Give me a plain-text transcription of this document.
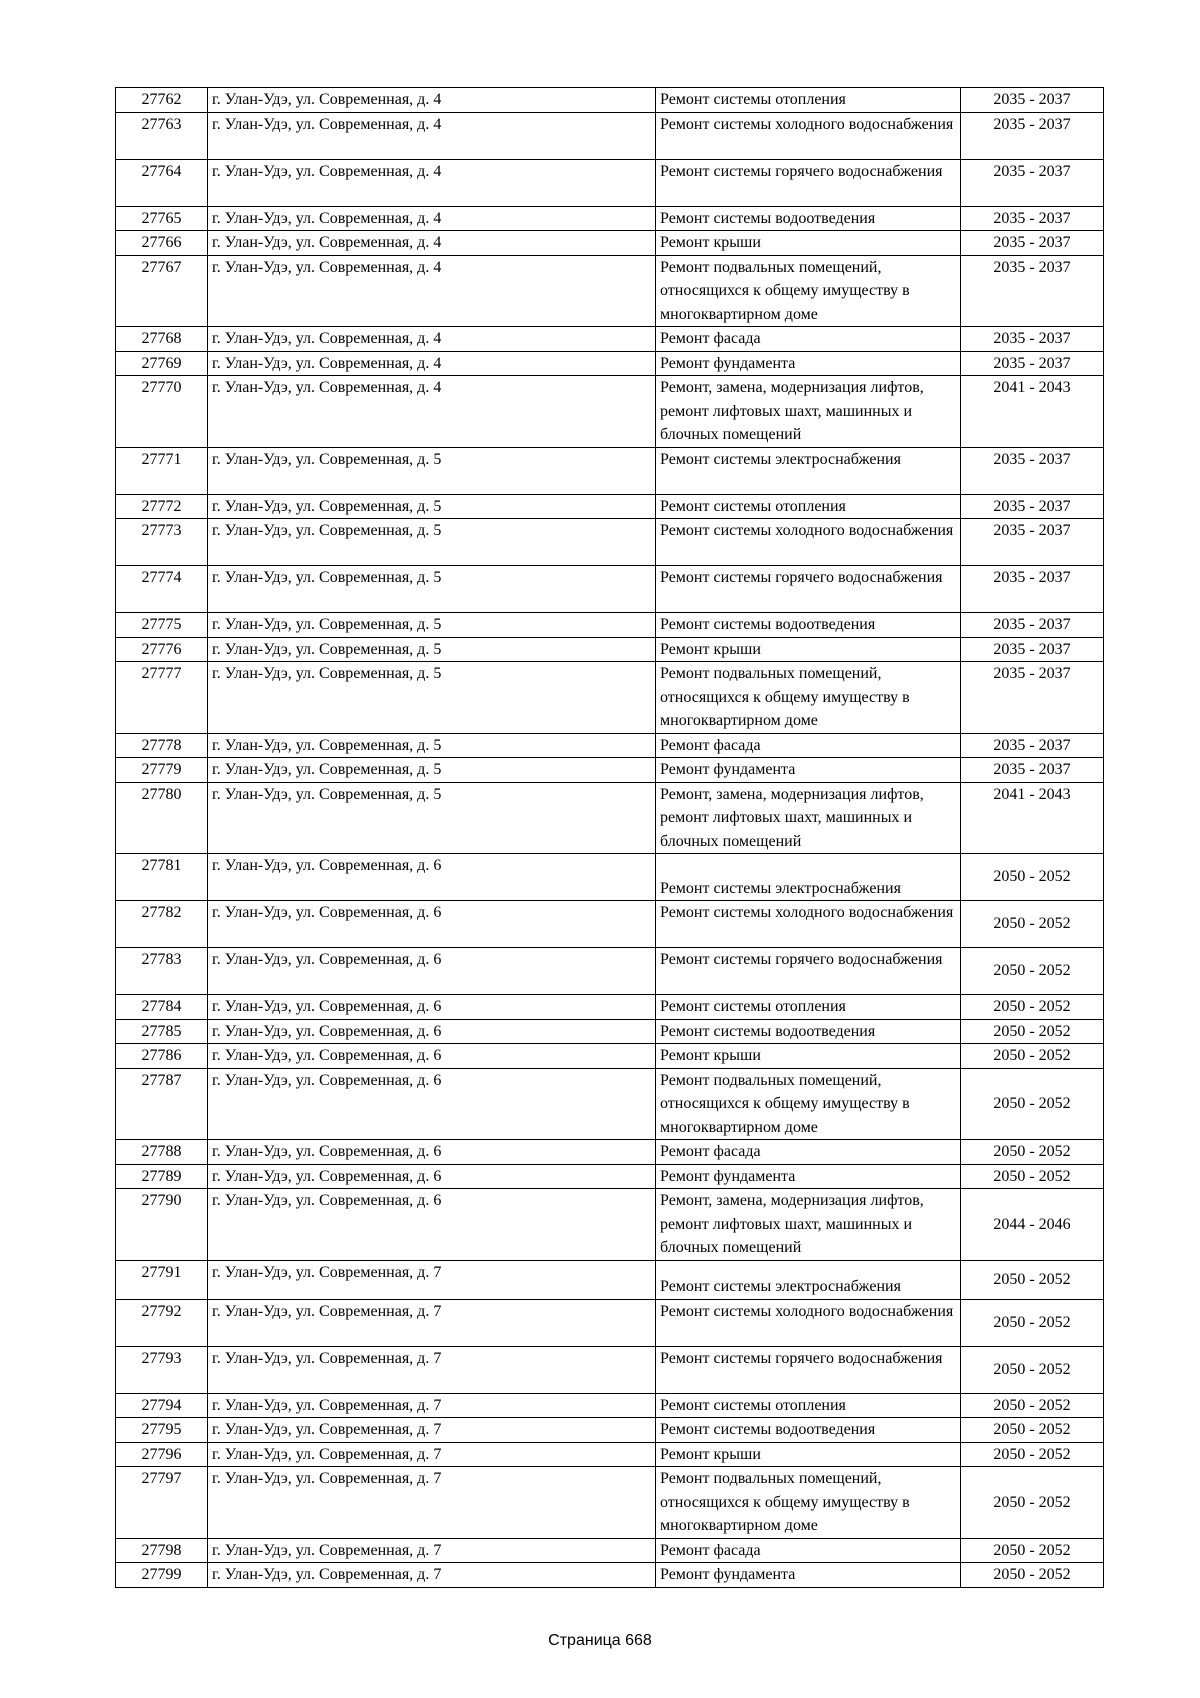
27762	г. Улан-Удэ, ул. Современная, д. 4	Ремонт системы отопления	2035 - 2037
27763	г. Улан-Удэ, ул. Современная, д. 4	Ремонт системы холодного водоснабжения	2035 - 2037
27764	г. Улан-Удэ, ул. Современная, д. 4	Ремонт системы горячего водоснабжения	2035 - 2037
27765	г. Улан-Удэ, ул. Современная, д. 4	Ремонт системы водоотведения	2035 - 2037
27766	г. Улан-Удэ, ул. Современная, д. 4	Ремонт крыши	2035 - 2037
27767	г. Улан-Удэ, ул. Современная, д. 4	Ремонт подвальных помещений, относящихся к общему имуществу в многоквартирном доме	2035 - 2037
27768	г. Улан-Удэ, ул. Современная, д. 4	Ремонт фасада	2035 - 2037
27769	г. Улан-Удэ, ул. Современная, д. 4	Ремонт фундамента	2035 - 2037
27770	г. Улан-Удэ, ул. Современная, д. 4	Ремонт, замена, модернизация лифтов, ремонт лифтовых шахт, машинных и блочных помещений	2041 - 2043
27771	г. Улан-Удэ, ул. Современная, д. 5	Ремонт системы электроснабжения	2035 - 2037
27772	г. Улан-Удэ, ул. Современная, д. 5	Ремонт системы отопления	2035 - 2037
27773	г. Улан-Удэ, ул. Современная, д. 5	Ремонт системы холодного водоснабжения	2035 - 2037
27774	г. Улан-Удэ, ул. Современная, д. 5	Ремонт системы горячего водоснабжения	2035 - 2037
27775	г. Улан-Удэ, ул. Современная, д. 5	Ремонт системы водоотведения	2035 - 2037
27776	г. Улан-Удэ, ул. Современная, д. 5	Ремонт крыши	2035 - 2037
27777	г. Улан-Удэ, ул. Современная, д. 5	Ремонт подвальных помещений, относящихся к общему имуществу в многоквартирном доме	2035 - 2037
27778	г. Улан-Удэ, ул. Современная, д. 5	Ремонт фасада	2035 - 2037
27779	г. Улан-Удэ, ул. Современная, д. 5	Ремонт фундамента	2035 - 2037
27780	г. Улан-Удэ, ул. Современная, д. 5	Ремонт, замена, модернизация лифтов, ремонт лифтовых шахт, машинных и блочных помещений	2041 - 2043
27781	г. Улан-Удэ, ул. Современная, д. 6	Ремонт системы электроснабжения	2050 - 2052
27782	г. Улан-Удэ, ул. Современная, д. 6	Ремонт системы холодного водоснабжения	2050 - 2052
27783	г. Улан-Удэ, ул. Современная, д. 6	Ремонт системы горячего водоснабжения	2050 - 2052
27784	г. Улан-Удэ, ул. Современная, д. 6	Ремонт системы отопления	2050 - 2052
27785	г. Улан-Удэ, ул. Современная, д. 6	Ремонт системы водоотведения	2050 - 2052
27786	г. Улан-Удэ, ул. Современная, д. 6	Ремонт крыши	2050 - 2052
27787	г. Улан-Удэ, ул. Современная, д. 6	Ремонт подвальных помещений, относящихся к общему имуществу в многоквартирном доме	2050 - 2052
27788	г. Улан-Удэ, ул. Современная, д. 6	Ремонт фасада	2050 - 2052
27789	г. Улан-Удэ, ул. Современная, д. 6	Ремонт фундамента	2050 - 2052
27790	г. Улан-Удэ, ул. Современная, д. 6	Ремонт, замена, модернизация лифтов, ремонт лифтовых шахт, машинных и блочных помещений	2044 - 2046
27791	г. Улан-Удэ, ул. Современная, д. 7	Ремонт системы электроснабжения	2050 - 2052
27792	г. Улан-Удэ, ул. Современная, д. 7	Ремонт системы холодного водоснабжения	2050 - 2052
27793	г. Улан-Удэ, ул. Современная, д. 7	Ремонт системы горячего водоснабжения	2050 - 2052
27794	г. Улан-Удэ, ул. Современная, д. 7	Ремонт системы отопления	2050 - 2052
27795	г. Улан-Удэ, ул. Современная, д. 7	Ремонт системы водоотведения	2050 - 2052
27796	г. Улан-Удэ, ул. Современная, д. 7	Ремонт крыши	2050 - 2052
27797	г. Улан-Удэ, ул. Современная, д. 7	Ремонт подвальных помещений, относящихся к общему имуществу в многоквартирном доме	2050 - 2052
27798	г. Улан-Удэ, ул. Современная, д. 7	Ремонт фасада	2050 - 2052
27799	г. Улан-Удэ, ул. Современная, д. 7	Ремонт фундамента	2050 - 2052
Страница 668
